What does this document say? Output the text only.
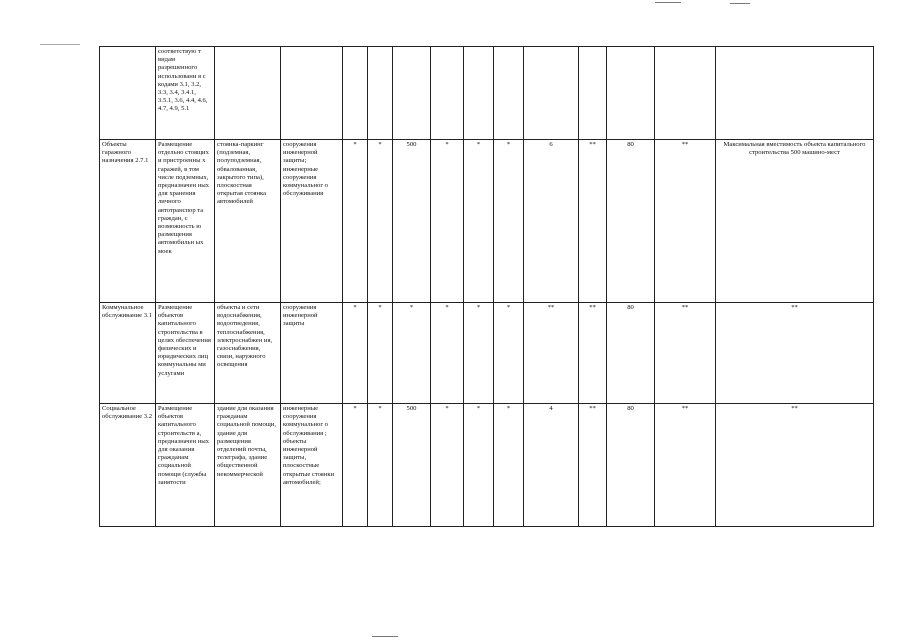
	соответствую т видам разрешенного использовани я с кодами 3.1, 3.2, 3.3, 3.4, 3.4.1, 3.5.1, 3.6, 4.4, 4.6, 4.7, 4.9, 5.1													

Объекты гаражного назначения 2.7.1	Размещение отдельно стоящих и пристроенны х гаражей, в том числе подземных, предназначен ных для хранения личного автотранспор та граждан, с возможность ю размещения автомобильн ых моек	стоянка-паркинг (подземная, полуподземная, обвалованная, закрытого типа), плоскостная открытая стоянка автомобилей	сооружения инженерной защиты; инженерные сооружения коммунальног о обслуживания	*	*	500	*	*	*	6	**	80	**	Максимальная вместимость объекта капитального строительства 500 машино-мест

Коммунальное обслуживание 3.1	Размещение объектов капитального строительства в целях обеспечения физических и юридических лиц коммунальны ми услугами	объекты и сети водоснабжения, водоотведения, теплоснабжения, электроснабжен ия, газоснабжения, связи, наружного освещения	сооружения инженерной защиты	*	*	*	*	*	*	**	**	80	**	**

Социальное обслуживание 3.2	Размещение объектов капитального строительств а, предназначен ных для оказания гражданам социальной помощи (службы занятости	здание для оказания гражданам социальной помощи, здание для размещения отделений почты, телеграфа, здание общественной некоммерческой	инженерные сооружения коммунальног о обслуживания ; объекты инженерной защиты, плоскостные открытые стоянки автомобилей;	*	*	500	*	*	*	4	**	80	**	**
